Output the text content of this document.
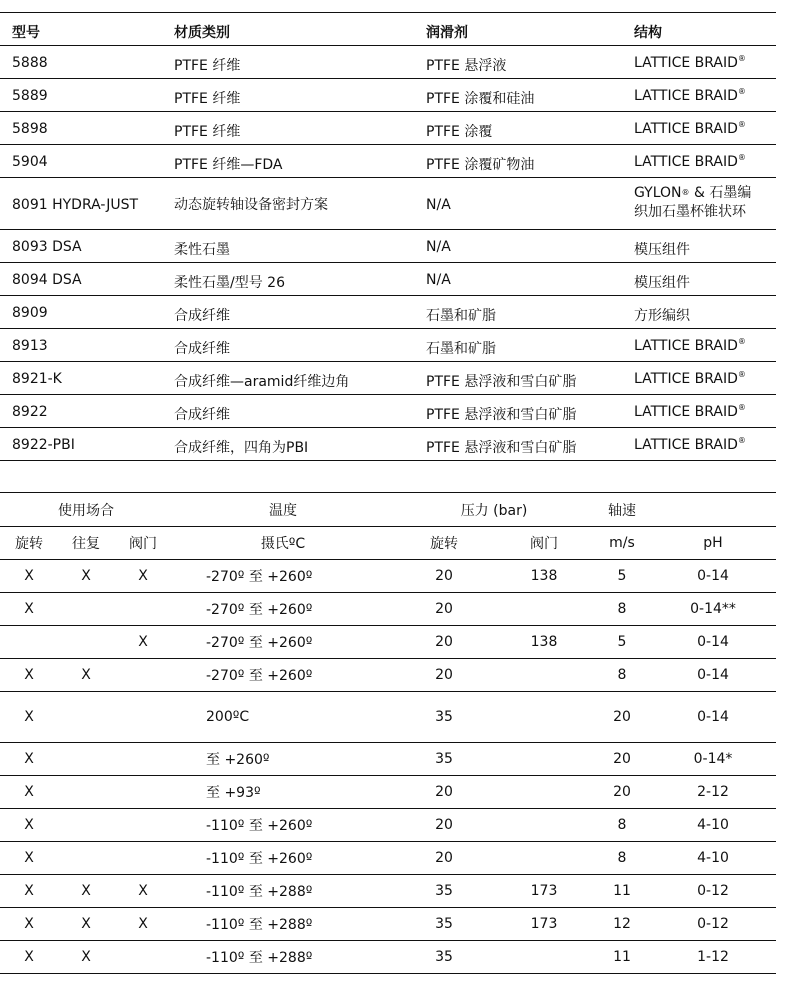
型号	材质类别	润滑剂	结构
5888	PTFE 纤维	PTFE 悬浮液	LATTICE BRAID®
5889	PTFE 纤维	PTFE 涂覆和硅油	LATTICE BRAID®
5898	PTFE 纤维	PTFE 涂覆	LATTICE BRAID®
5904	PTFE 纤维—FDA	PTFE 涂覆矿物油	LATTICE BRAID®
8091 HYDRA-JUST	动态旋转轴设备密封方案	N/A	GYLON® & 石墨编
织加石墨杯锥状环
8093 DSA	柔性石墨	N/A	模压组件
8094 DSA	柔性石墨/型号 26	N/A	模压组件
8909	合成纤维	石墨和矿脂	方形编织
8913	合成纤维	石墨和矿脂	LATTICE BRAID®
8921-K	合成纤维—aramid纤维边角	PTFE 悬浮液和雪白矿脂	LATTICE BRAID®
8922	合成纤维	PTFE 悬浮液和雪白矿脂	LATTICE BRAID®
8922-PBI	合成纤维，四角为PBI	PTFE 悬浮液和雪白矿脂	LATTICE BRAID®
使用场合			温度	压力 (bar)		轴速	
旋转	往复	阀门	摄氏ºC	旋转	阀门	m/s	pH
X	X	X	-270º 至 +260º	20	138	5	0-14
X			-270º 至 +260º	20		8	0-14**
		X	-270º 至 +260º	20	138	5	0-14
X	X		-270º 至 +260º	20		8	0-14
X			200ºC	35		20	0-14
X			至 +260º	35		20	0-14*
X			至 +93º	20		20	2-12
X			-110º 至 +260º	20		8	4-10
X			-110º 至 +260º	20		8	4-10
X	X	X	-110º 至 +288º	35	173	11	0-12
X	X	X	-110º 至 +288º	35	173	12	0-12
X	X		-110º 至 +288º	35		11	1-12
